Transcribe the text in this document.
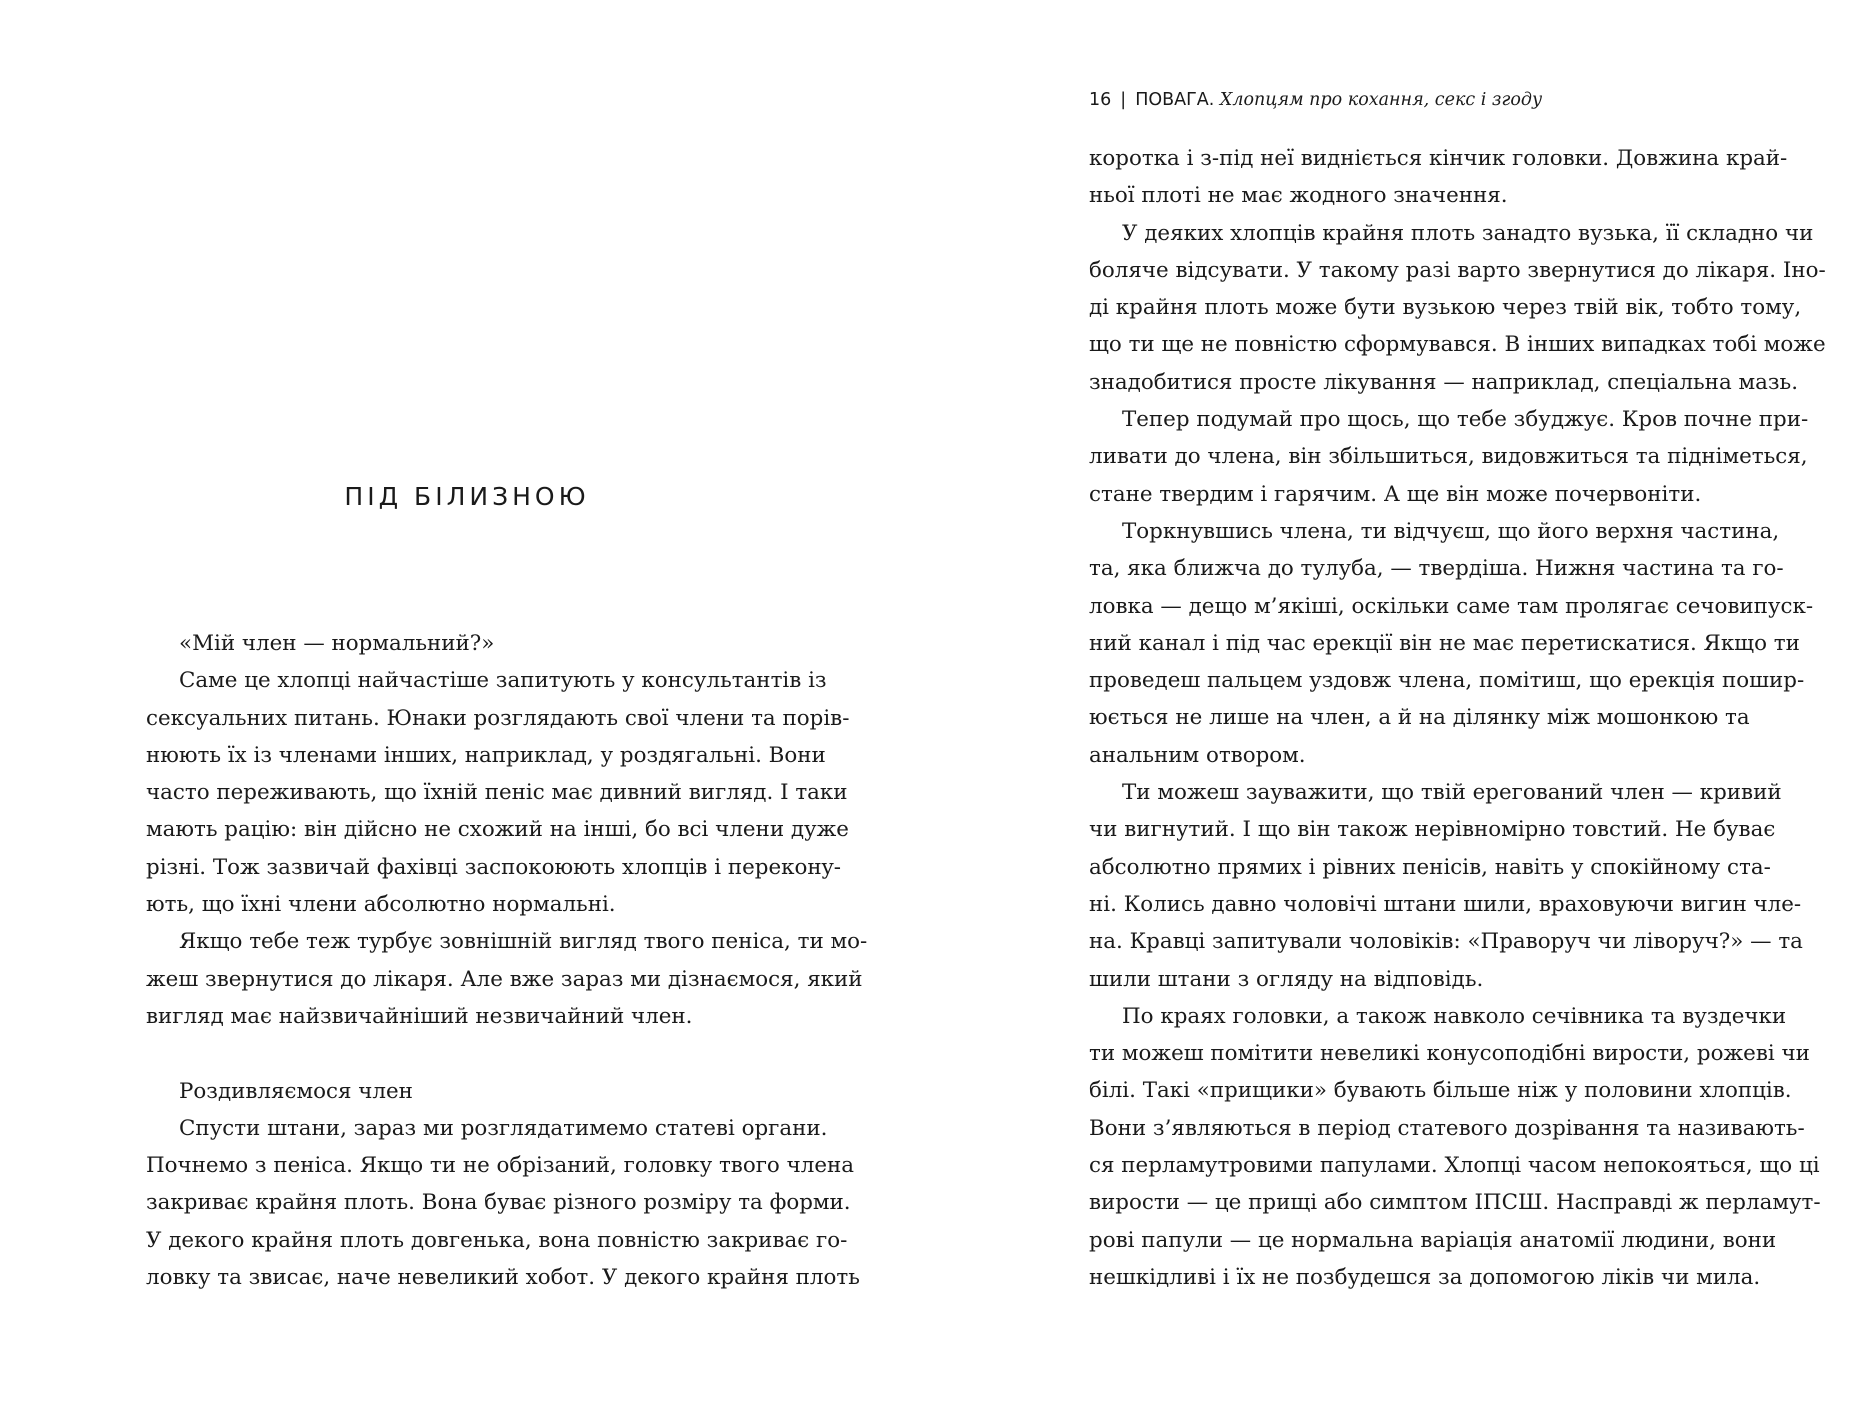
ПІД БІЛИЗНОЮ
«Мій член — нормальний?»
Саме це хлопці найчастіше запитують у консультантів із
сексуальних питань. Юнаки розглядають свої члени та порів-
нюють їх із членами інших, наприклад, у роздягальні. Вони
часто переживають, що їхній пеніс має дивний вигляд. І таки
мають рацію: він дійсно не схожий на інші, бо всі члени дуже
різні. Тож зазвичай фахівці заспокоюють хлопців і переконy-
ють, що їхні члени абсолютно нормальні.
Якщо тебе теж турбує зовнішній вигляд твого пеніса, ти мо-
жеш звернутися до лікаря. Але вже зараз ми дізнаємося, який
вигляд має найзвичайніший незвичайний член.
Роздивляємося член
Спусти штани, зараз ми розглядатимемо статеві органи.
Почнемо з пеніса. Якщо ти не обрізаний, головку твого члена
закриває крайня плоть. Вона буває різного розміру та форми.
У декого крайня плоть довгенька, вона повністю закриває го-
ловку та звисає, наче невеликий хобот. У декого крайня плоть
16 | ПОВАГА. Хлопцям про кохання, секс і згоду
коротка і з-під неї видніється кінчик головки. Довжина край-
ньої плоті не має жодного значення.
У деяких хлопців крайня плоть занадто вузька, її складно чи
боляче відсувати. У такому разі варто звернутися до лікаря. Іно-
ді крайня плоть може бути вузькою через твій вік, тобто тому,
що ти ще не повністю сформувався. В інших випадках тобі може
знадобитися просте лікування — наприклад, спеціальна мазь.
Тепер подумай про щось, що тебе збуджує. Кров почне при-
ливати до члена, він збільшиться, видовжиться та підніметься,
стане твердим і гарячим. А ще він може почервоніти.
Торкнувшись члена, ти відчуєш, що його верхня частина,
та, яка ближча до тулуба, — твердіша. Нижня частина та го-
ловка — дещо м’якіші, оскільки саме там пролягає сечовипуск-
ний канал і під час ерекції він не має перетискатися. Якщо ти
проведеш пальцем уздовж члена, помітиш, що ерекція пошир-
юється не лише на член, а й на ділянку між мошонкою та
анальним отвором.
Ти можеш зауважити, що твій ерегований член — кривий
чи вигнутий. І що він також нерівномірно товстий. Не буває
абсолютно прямих і рівних пенісів, навіть у спокійному ста-
ні. Колись давно чоловічі штани шили, враховуючи вигин чле-
на. Кравці запитували чоловіків: «Праворуч чи ліворуч?» — та
шили штани з огляду на відповідь.
По краях головки, а також навколо сечівника та вуздечки
ти можеш помітити невеликі конусоподібні вирости, рожеві чи
білі. Такі «прищики» бувають більше ніж у половини хлопців.
Вони з’являються в період статевого дозрівання та називають-
ся перламутровими папулами. Хлопці часом непокояться, що ці
вирости — це прищі або симптом ІПСШ. Насправді ж перламут-
рові папули — це нормальна варіація анатомії людини, вони
нешкідливі і їх не позбудешся за допомогою ліків чи мила.
